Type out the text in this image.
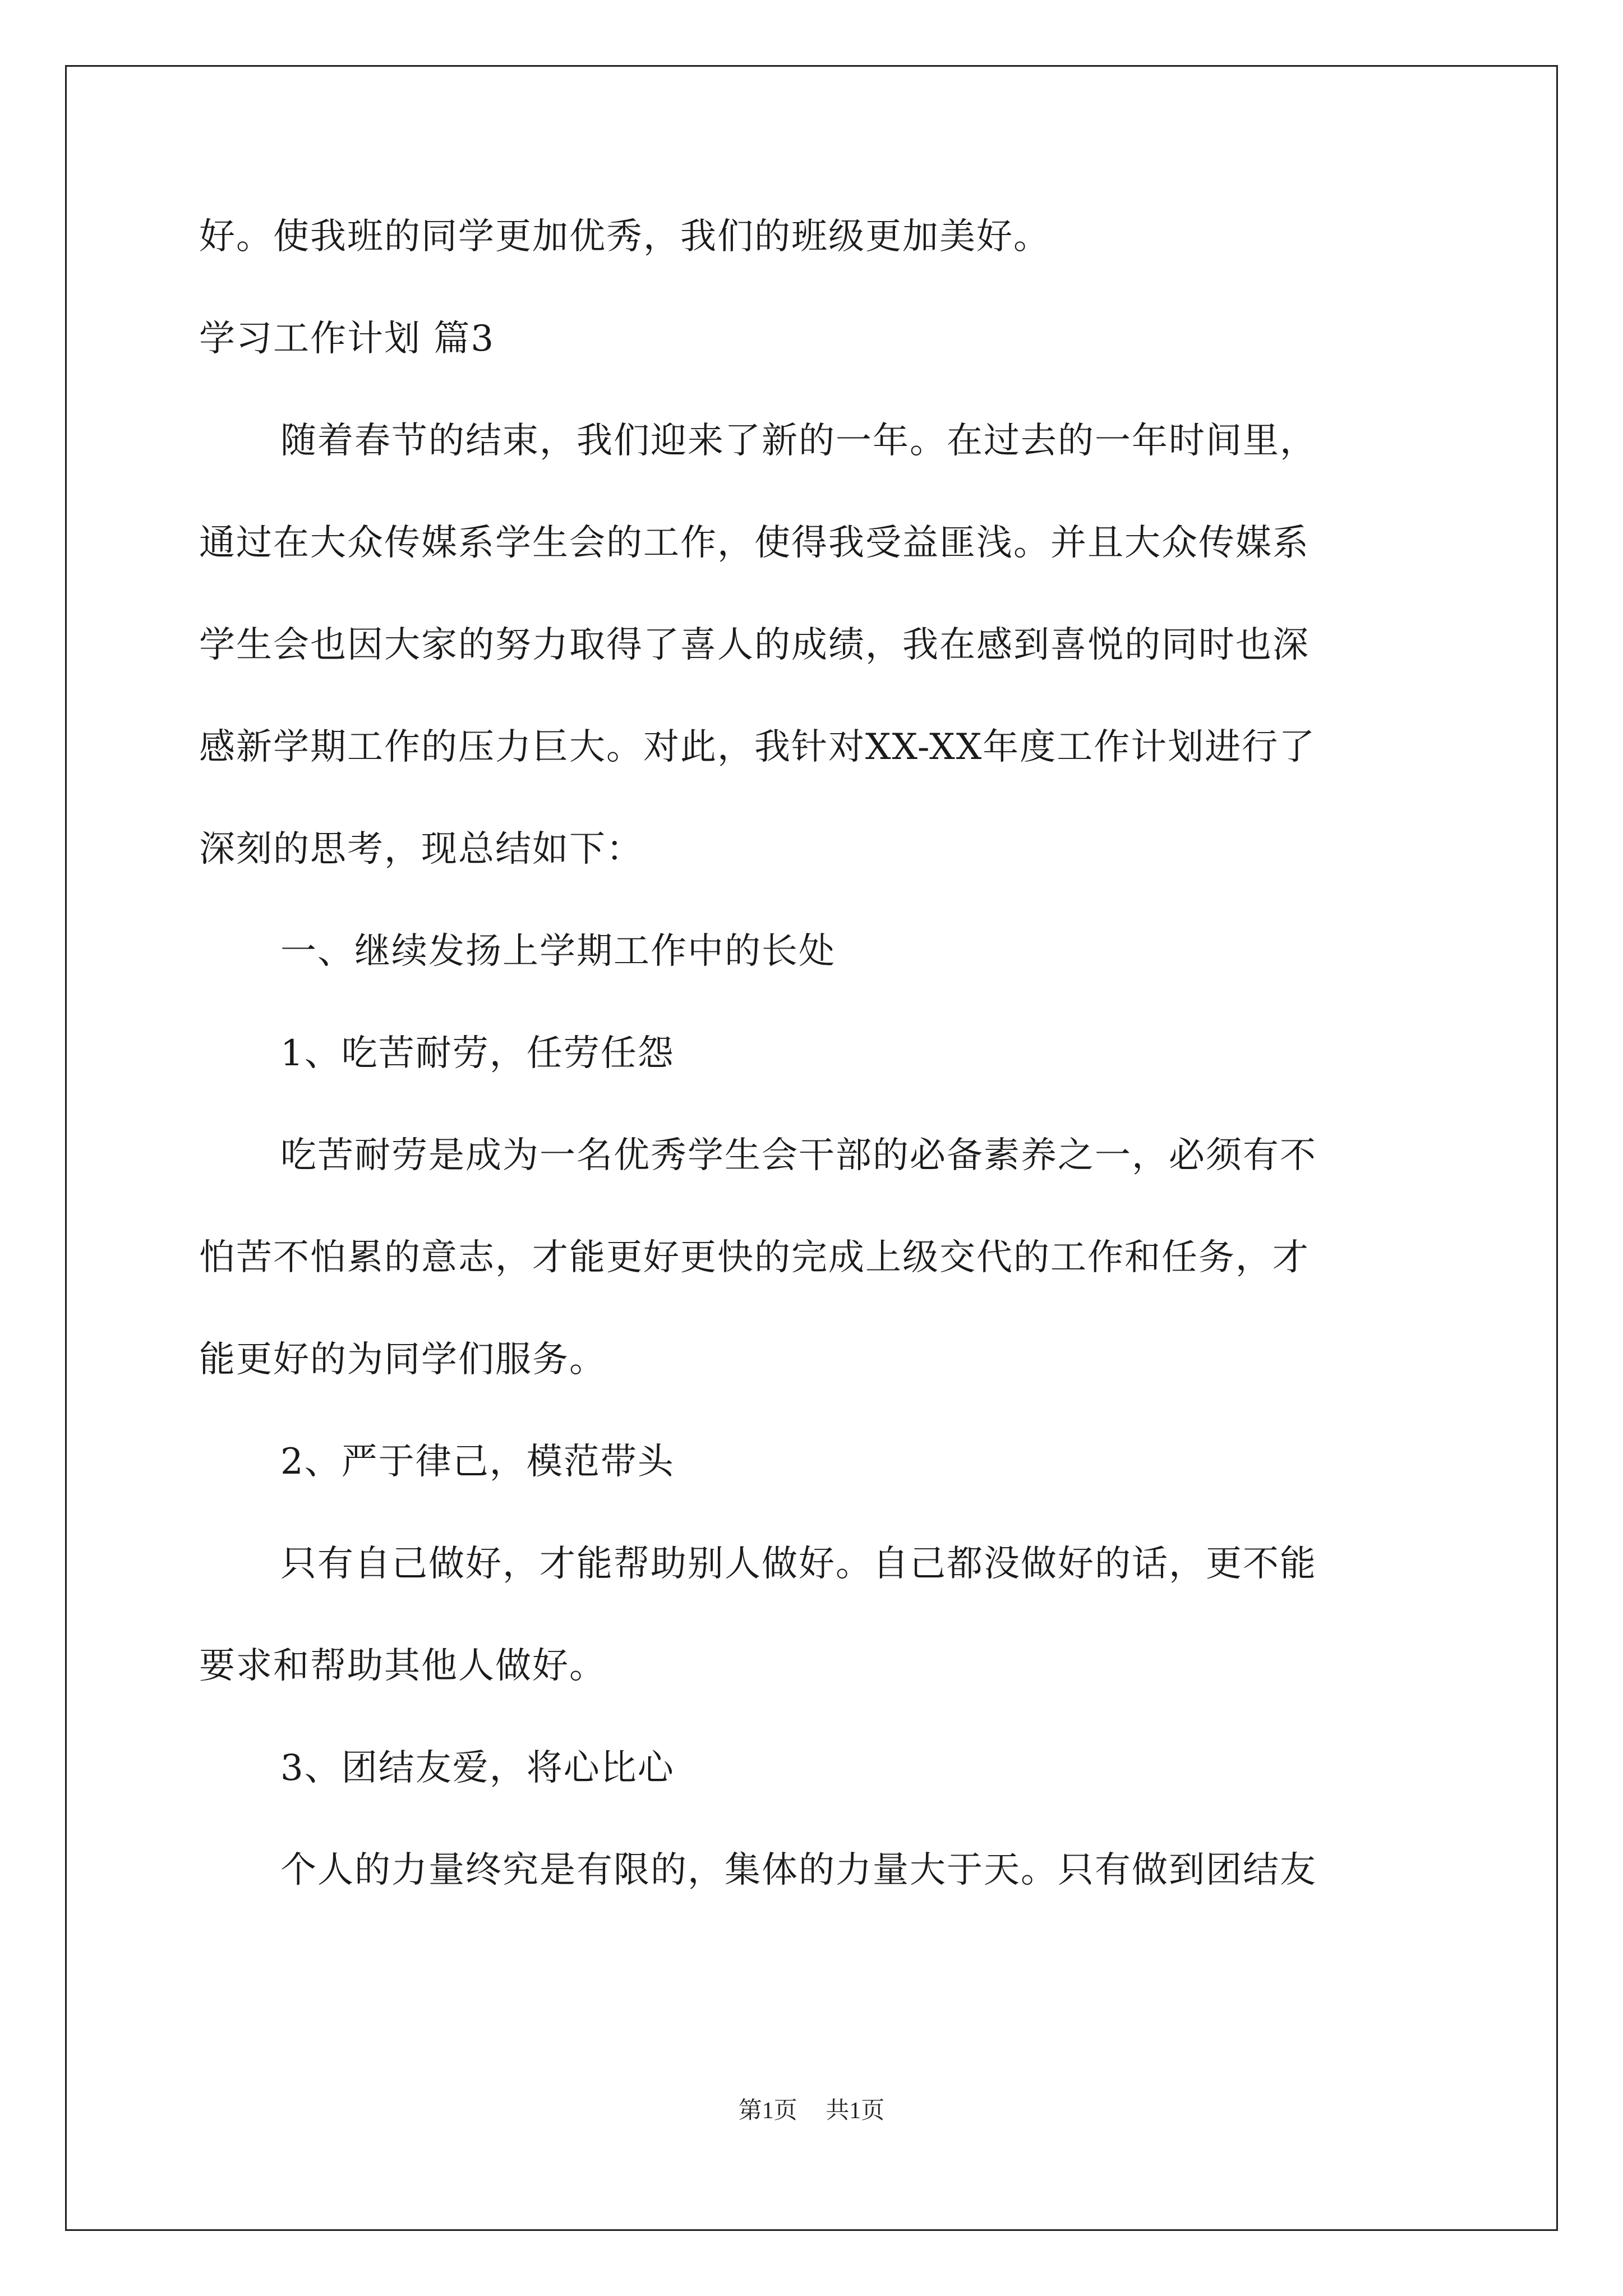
好。使我班的同学更加优秀，我们的班级更加美好。
学习工作计划 篇3
随着春节的结束，我们迎来了新的一年。在过去的一年时间里，
通过在大众传媒系学生会的工作，使得我受益匪浅。并且大众传媒系
学生会也因大家的努力取得了喜人的成绩，我在感到喜悦的同时也深
感新学期工作的压力巨大。对此，我针对XX-XX年度工作计划进行了
深刻的思考，现总结如下：
一、继续发扬上学期工作中的长处
1、吃苦耐劳，任劳任怨
吃苦耐劳是成为一名优秀学生会干部的必备素养之一，必须有不
怕苦不怕累的意志，才能更好更快的完成上级交代的工作和任务，才
能更好的为同学们服务。
2、严于律己，模范带头
只有自己做好，才能帮助别人做好。自己都没做好的话，更不能
要求和帮助其他人做好。
3、团结友爱，将心比心
个人的力量终究是有限的，集体的力量大于天。只有做到团结友
第1页 共1页
